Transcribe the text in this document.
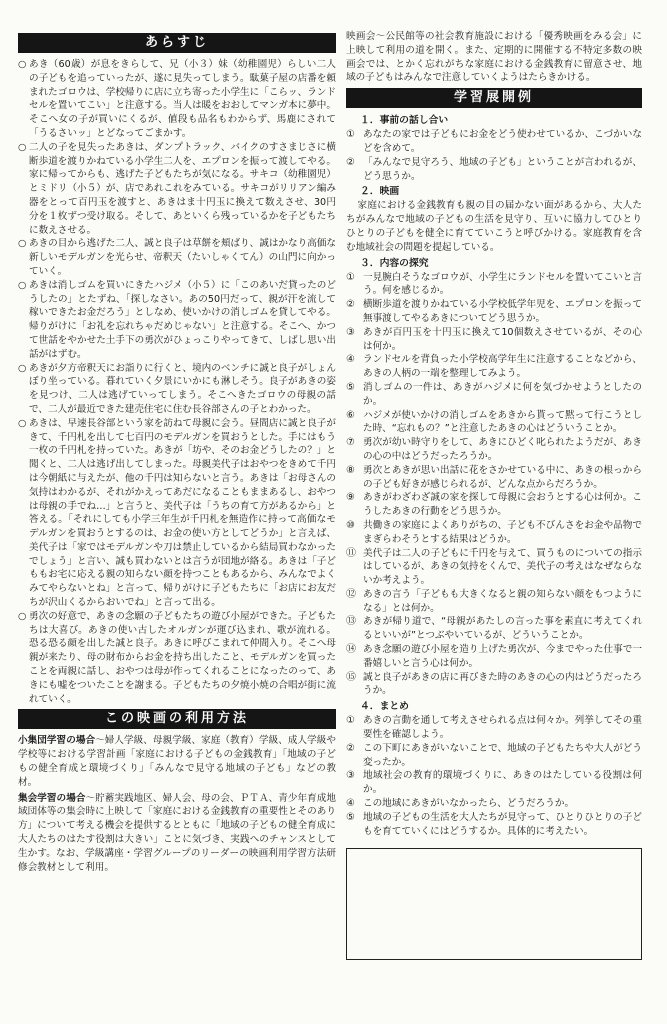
あらすじ

○ あき（60歳）が息をきらして、兄（小３）妹（幼稚園児）らしい二人の子どもを追っていったが、遂に見失ってしまう。駄菓子屋の店番を頼まれたゴロウは、学校帰りに店に立ち寄った小学生に「こらッ、ランドセルを置いてこい」と注意する。当人は暖をおおしてマンガ本に夢中。そこへ女の子が買いにくるが、値段も品名もわからず、馬鹿にされて「うるさいッ」とどなってごまかす。

○ 二人の子を見失ったあきは、ダンプトラック、バイクのすさまじさに横断歩道を渡りかねている小学生二人を、エプロンを振って渡してやる。家に帰ってからも、逃げた子どもたちが気になる。サキコ（幼稚園児）とミドリ（小５）が、店であれこれをみている。サキコがリリアン編み器をとって百円玉を渡すと、あきはま十円玉に換えて数えさせ、30円分を１枚ずつ受け取る。そして、あといくら残っているかを子どもたちに数えさせる。

○ あきの目から逃げた二人、誠と良子は草餅を頬ばり、誠はかなり高価な新しいモデルガンを光らせ、帝釈天（たいしゃくてん）の山門に向かっていく。

○ あきは消しゴムを買いにきたハジメ（小５）に「このあいだ貸ったのどうしたの」とたずね、「探しなさい。あの50円だって、親が汗を流して稼いできたお金だろう」としなめ、使いかけの消しゴムを貸してやる。帰りがけに「お礼を忘れちゃだめじゃない」と注意する。そこへ、かつて世話をやかせた土手下の勇次がひょっこりやってきて、しばし思い出話がはずむ。

○ あきが夕方帝釈天にお詣りに行くと、境内のベンチに誠と良子がしょんぼり坐っている。暮れていく夕景にいかにも淋しそう。良子があきの姿を見つけ、二人は逃げていってしまう。そこへきたゴロウの母親の話で、二人が最近できた建売住宅に住む長谷部さんの子とわかった。

○ あきは、早速長谷部という家を訪ねて母親に会う。昼間店に誠と良子がきて、千円札を出して七百円のモデルガンを買おうとした。手にはもう一枚の千円札を持っていた。あきが「坊や、そのお金どうしたの？」と聞くと、二人は逃げ出してしまった。母親美代子はおやつをきめて千円は今朝紙に与えたが、他の千円は知らないと言う。あきは「お母さんの気持はわかるが、それがかえってあだになることもままあるし、おやつは母親の手でね…」と言うと、美代子は「うちの育て方があるから」と答える。「それにしても小学三年生が千円札を無造作に持って高価なモデルガンを買おうとするのは、お金の使い方としてどうか」と言えば、美代子は「家ではモデルガンや刀は禁止しているから結局買わなかったでしょう」と言い、誠も買わないとは言うが団地が絡る。あきは「子どももお宅に応える親の知らない顔を持つこともあるから、みんなでよくみてやらないとね」と言って、帰りがけに子どもたちに「お店にお友だちが沢山くるからおいでね」と言って出る。

○ 勇次の好意で、あきの念願の子どもたちの遊び小屋ができた。子どもたちは大喜び。あきの使い古したオルガンが運び込まれ、歌が流れる。恐る恐る顔を出した誠と良子。あきに呼びこまれて仲間入り。そこへ母親が来たり、母の財布からお金を持ち出したこと、モデルガンを買ったことを両親に話し、おやつは母が作ってくれることになったのって、あきにも嘘をついたことを謝まる。子どもたちの夕焼小焼の合唱が街に流れていく。

この映画の利用方法

小集団学習の場合〜婦人学級、母親学級、家庭（教育）学級、成人学級や学校等における学習計画「家庭における子どもの金銭教育」「地域の子どもの健全育成と環境づくり」「みんなで見守る地域の子ども」などの教材。

集会学習の場合〜貯蓄実践地区、婦人会、母の会、ＰＴＡ、青少年育成地域団体等の集会時に上映して「家庭における金銭教育の重要性とそのあり方」について考える機会を提供するとともに「地域の子どもの健全育成に大人たちのはたす役割は大きい」ことに気づき、実践へのチャンスとして生かす。なお、学級講座・学習グループのリーダーの映画利用学習方法研修会教材として利用。

映画会〜公民館等の社会教育施設における「優秀映画をみる会」に上映して利用の道を開く。また、定期的に開催する不特定多数の映画会では、とかく忘れがちな家庭における金銭教育に留意させ、地域の子どもはみんなで注意していくようはたらきかける。

学習展開例
１．事前の話し合い

① あなたの家では子どもにお金をどう使わせているか、こづかいなどを含めて。

② 「みんなで見守ろう、地域の子ども」ということが言われるが、どう思うか。

２．映画

家庭における金銭教育も親の目の届かない面があるから、大人たちがみんなで地域の子どもの生活を見守り、互いに協力してひとりひとりの子どもを健全に育てていこうと呼びかける。家庭教育を含む地域社会の問題を提起している。

３．内容の探究

① 一見腕白そうなゴロウが、小学生にランドセルを置いてこいと言う。何を感じるか。

② 横断歩道を渡りかねている小学校低学年児を、エプロンを振って無事渡してやるあきについてどう思うか。

③ あきが百円玉を十円玉に換えて10個数えさせているが、その心は何か。

④ ランドセルを背負った小学校高学年生に注意することなどから、あきの人柄の一端を整理してみよう。

⑤ 消しゴムの一件は、あきがハジメに何を気づかせようとしたのか。

⑥ ハジメが使いかけの消しゴムをあきから貰って黙って行こうとした時、“忘れもの？”と注意したあきの心はどういうことか。

⑦ 勇次が幼い時守りをして、あきにひどく叱られたようだが、あきの心の中はどうだったろうか。

⑧ 勇次とあきが思い出話に花をさかせている中に、あきの根っからの子ども好きが感じられるが、どんな点からだろうか。

⑨ あきがわざわざ誠の家を探して母親に会おうとする心は何か。こうしたあきの行動をどう思うか。

⑩ 共働きの家庭によくありがちの、子ども不びんさをお金や品物でまぎらわそうとする結果はどうか。

⑪ 美代子は二人の子どもに千円を与えて、買うものについての指示はしているが、あきの気持をくんで、美代子の考えはなぜならないか考えよう。

⑫ あきの言う「子どもも大きくなると親の知らない顔をもつようになる」とは何か。

⑬ あきが帰り道で、“母親があたしの言った事を素直に考えてくれるといいが”とつぶやいているが、どういうことか。

⑭ あき念願の遊び小屋を造り上げた勇次が、今までやった仕事で一番嬉しいと言う心は何か。

⑮ 誠と良子があきの店に再びきた時のあきの心の内はどうだったろうか。

４．まとめ

① あきの言動を通して考えさせられる点は何々か。列挙してその重要性を確認しよう。

② この下町にあきがいないことで、地域の子どもたちや大人がどう変ったか。

③ 地域社会の教育的環境づくりに、あきのはたしている役割は何か。

④ この地域にあきがいなかったら、どうだろうか。

⑤ 地域の子どもの生活を大人たちが見守って、ひとりひとりの子どもを育てていくにはどうするか。具体的に考えたい。
